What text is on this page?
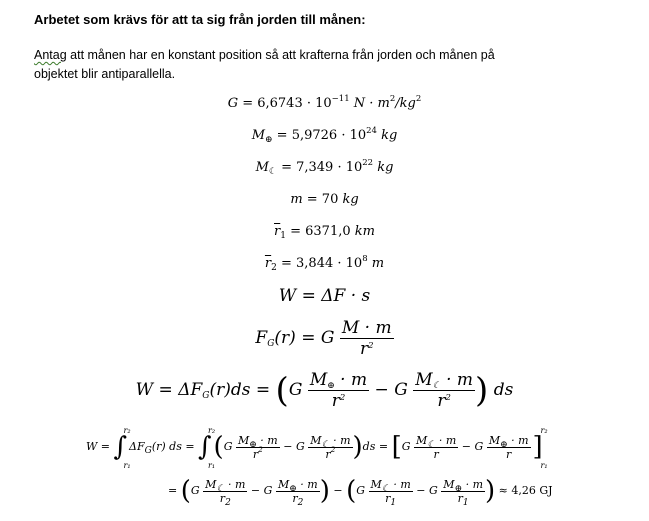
Arbetet som krävs för att ta sig från jorden till månen:
Antag att månen har en konstant position så att krafterna från jorden och månen på
objektet blir antiparallella.
$G = 6,6743 \cdot 10^{-11}$ $N \cdot m^2/kg^2$
$M_\oplus = 5,9726 \cdot 10^{24}$ kg
$M_☾ = 7,349 \cdot 10^{22}$ kg
m = 70 kg
$\overline{r}_1 = 6371,0$ km
$\overline{r}_2 = 3,844 \cdot 10^8$ m
W = ΔF · s
$F_G(r) = G \frac{M \cdot m}{r^2}$
$W = \Delta F_G(r)ds = (G \frac{M_\oplus \cdot m}{r^2} - G \frac{M_☾ \cdot m}{r^2}$ ) ds
W = ∫
r₂
r₁
$\Delta F_G(r)$ ds = ∫
r₂
r₁
$(G \frac{M_\oplus \cdot m}{r^2} - G \frac{M_☾ \cdot m}{r^2} )ds = [G \frac{M_☾ \cdot m}{r} - G \frac{M_\oplus \cdot m}{r}$ ]
r₂
r₁
= ($G \frac{M_☾ \cdot m}{r_2} - G \frac{M_\oplus \cdot m}{r_2}$ ) − ($G \frac{M_☾ \cdot m}{r_1} - G \frac{M_\oplus \cdot m}{r_1}$ ) ≈ 4,26 GJ
